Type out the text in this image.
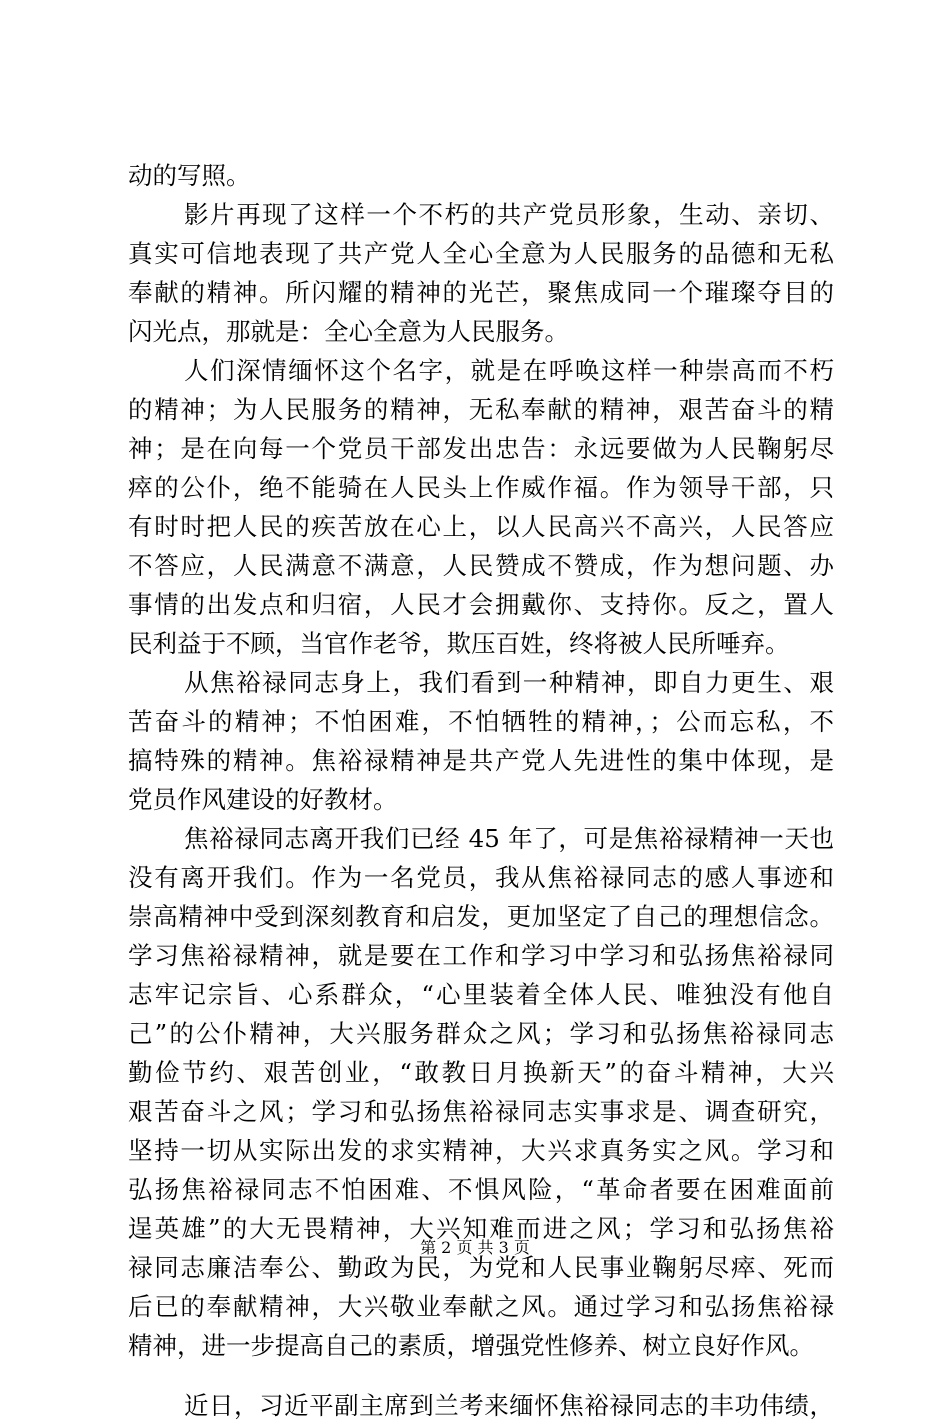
动的写照。
影片再现了这样一个不朽的共产党员形象，生动、亲切、
真实可信地表现了共产党人全心全意为人民服务的品德和无私
奉献的精神。所闪耀的精神的光芒，聚焦成同一个璀璨夺目的
闪光点，那就是：全心全意为人民服务。
人们深情缅怀这个名字，就是在呼唤这样一种崇高而不朽
的精神；为人民服务的精神，无私奉献的精神，艰苦奋斗的精
神；是在向每一个党员干部发出忠告：永远要做为人民鞠躬尽
瘁的公仆，绝不能骑在人民头上作威作福。作为领导干部，只
有时时把人民的疾苦放在心上，以人民高兴不高兴，人民答应
不答应，人民满意不满意，人民赞成不赞成，作为想问题、办
事情的出发点和归宿，人民才会拥戴你、支持你。反之，置人
民利益于不顾，当官作老爷，欺压百姓，终将被人民所唾弃。
从焦裕禄同志身上，我们看到一种精神，即自力更生、艰
苦奋斗的精神；不怕困难，不怕牺牲的精神，；公而忘私，不
搞特殊的精神。焦裕禄精神是共产党人先进性的集中体现，是
党员作风建设的好教材。
焦裕禄同志离开我们已经 45 年了，可是焦裕禄精神一天也
没有离开我们。作为一名党员，我从焦裕禄同志的感人事迹和
崇高精神中受到深刻教育和启发，更加坚定了自己的理想信念。
学习焦裕禄精神，就是要在工作和学习中学习和弘扬焦裕禄同
志牢记宗旨、心系群众，“心里装着全体人民、唯独没有他自
己”的公仆精神，大兴服务群众之风；学习和弘扬焦裕禄同志
勤俭节约、艰苦创业，“敢教日月换新天”的奋斗精神，大兴
艰苦奋斗之风；学习和弘扬焦裕禄同志实事求是、调查研究，
坚持一切从实际出发的求实精神，大兴求真务实之风。学习和
弘扬焦裕禄同志不怕困难、不惧风险，“革命者要在困难面前
逞英雄”的大无畏精神，大兴知难而进之风；学习和弘扬焦裕
禄同志廉洁奉公、勤政为民，为党和人民事业鞠躬尽瘁、死而
后已的奉献精神，大兴敬业奉献之风。通过学习和弘扬焦裕禄
精神，进一步提高自己的素质，增强党性修养、树立良好作风。
近日，习近平副主席到兰考来缅怀焦裕禄同志的丰功伟绩，
第 2 页 共 3 页
